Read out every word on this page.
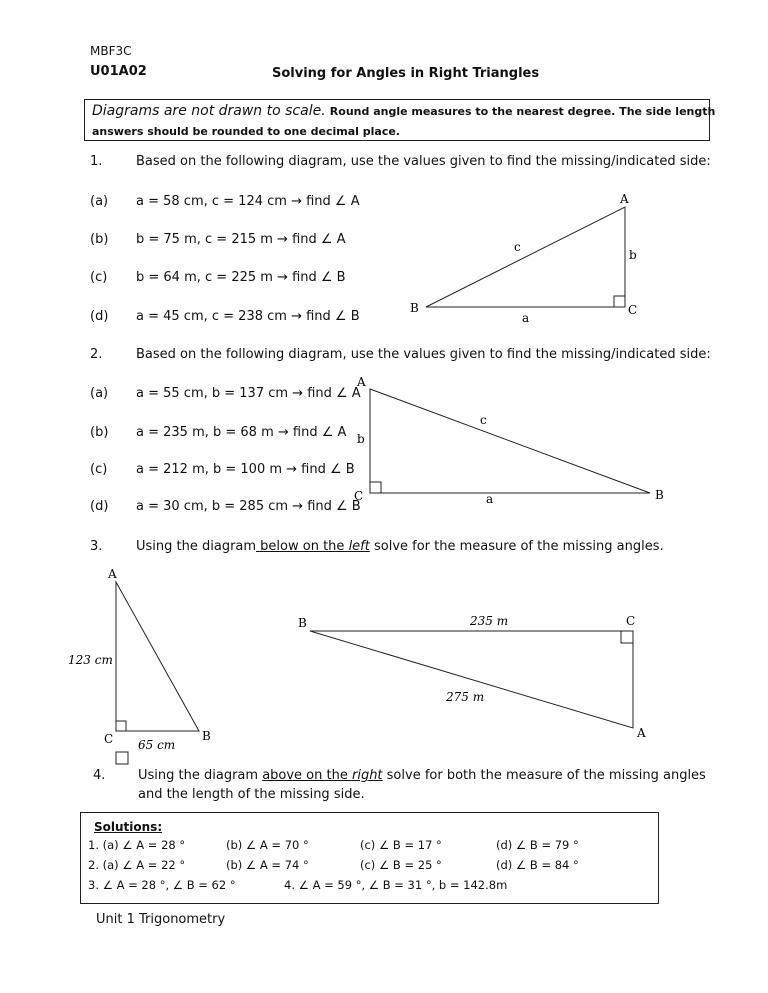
MBF3C
U01A02	Solving for Angles in Right Triangles
Diagrams are not drawn to scale. Round angle measures to the nearest degree. The side length
answers should be rounded to one decimal place.
1.	Based on the following diagram, use the values given to find the missing/indicated side:
(a) a = 58 cm, c = 124 cm → find ∠ A
(b) b = 75 m, c = 215 m → find ∠ A
(c) b = 64 m, c = 225 m → find ∠ B
(d) a = 45 cm, c = 238 cm → find ∠ B
2.	Based on the following diagram, use the values given to find the missing/indicated side:
(a) a = 55 cm, b = 137 cm → find ∠ A
(b) a = 235 m, b = 68 m → find ∠ A
(c) a = 212 m, b = 100 m → find ∠ B
(d) a = 30 cm, b = 285 cm → find ∠ B
3.	Using the diagram below on the left solve for the measure of the missing angles.
4.	Using the diagram above on the right solve for both the measure of the missing angles
and the length of the missing side.
A
B	C
a
b
c
A
B
C	a
b
c
A
B
C
123 cm
65 cm
A
B	C
235 m
275 m
Solutions:
1. (a) ∠ A = 28 °	(b) ∠ A = 70 °	(c) ∠ B = 17 °	(d) ∠ B = 79 °
2. (a) ∠ A = 22 °	(b) ∠ A = 74 °	(c) ∠ B = 25 °	(d) ∠ B = 84 °
3. ∠ A = 28 °, ∠ B = 62 °	4. ∠ A = 59 °, ∠ B = 31 °, b = 142.8m
Unit 1 Trigonometry
